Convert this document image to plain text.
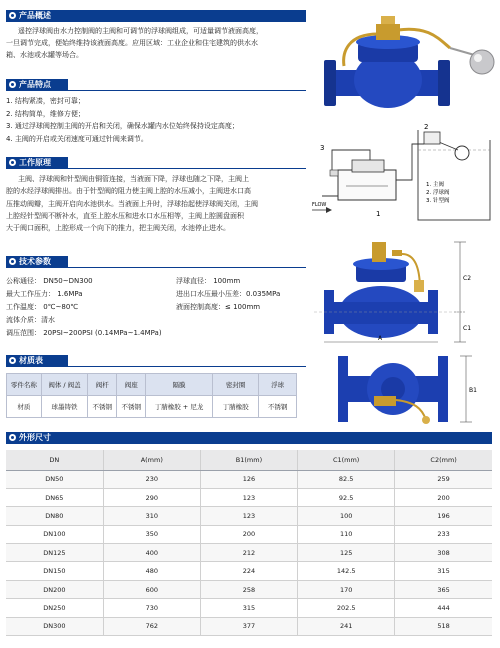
产品概述
遥控浮球阀由水力控制阀的主阀和可调节的浮球阀组成，可适量调节液面高度，
一旦调节完成，便始终维持该液面高度。应用区域：工业企业和住宅建筑的供水水
箱、水池或水罐等场合。
产品特点
1. 结构紧凑，密封可靠；
2. 结构简单，维修方便；
3. 通过浮球阀控制主阀的开启和关闭，确保水罐内水位始终保持设定高度；
4. 主阀的开启或关闭速度可通过针阀来调节。
工作原理
主阀、浮球阀和针型阀由铜管连接，当液面下降，浮球也随之下降，主阀上
腔的水经浮球阀排出。由于针型阀的阻力使主阀上腔的水压减小，主阀进水口高
压推动阀瓣，主阀开启向水池供水。当液面上升时，浮球抬起使浮球阀关闭，主阀
上腔经针型阀不断补水，直至上腔水压和进水口水压相等，主阀上腔圆盘面积
大于阀口面积，上腔形成一个向下的推力，把主阀关闭，水池停止进水。
技术参数
公称通径： DN50~DN300	浮球直径： 100mm
最大工作压力： 1.6MPa	进出口水压最小压差：0.035MPa
工作温度： 0℃~80℃	液面控制高度：≤ 100mm
流体介质：清水
调压范围： 20PSI~200PSI (0.14MPa~1.4MPa)
材质表
零件名称	阀体 / 阀盖	阀杆	阀座	隔膜	密封圈	浮球
材质	球墨铸铁	不锈钢	不锈钢	丁腈橡胶 + 尼龙	丁腈橡胶	不锈钢
外形尺寸
DN	A(mm)	B1(mm)	C1(mm)	C2(mm)
DN50	230	126	82.5	259
DN65	290	123	92.5	200
DN80	310	123	100	196
DN100	350	200	110	233
DN125	400	212	125	308
DN150	480	224	142.5	315
DN200	600	258	170	365
DN250	730	315	202.5	444
DN300	762	377	241	518
FLOW
1
2
3
1. 主阀
2. 浮球阀
3. 针型阀
C2
C1
A
B1
